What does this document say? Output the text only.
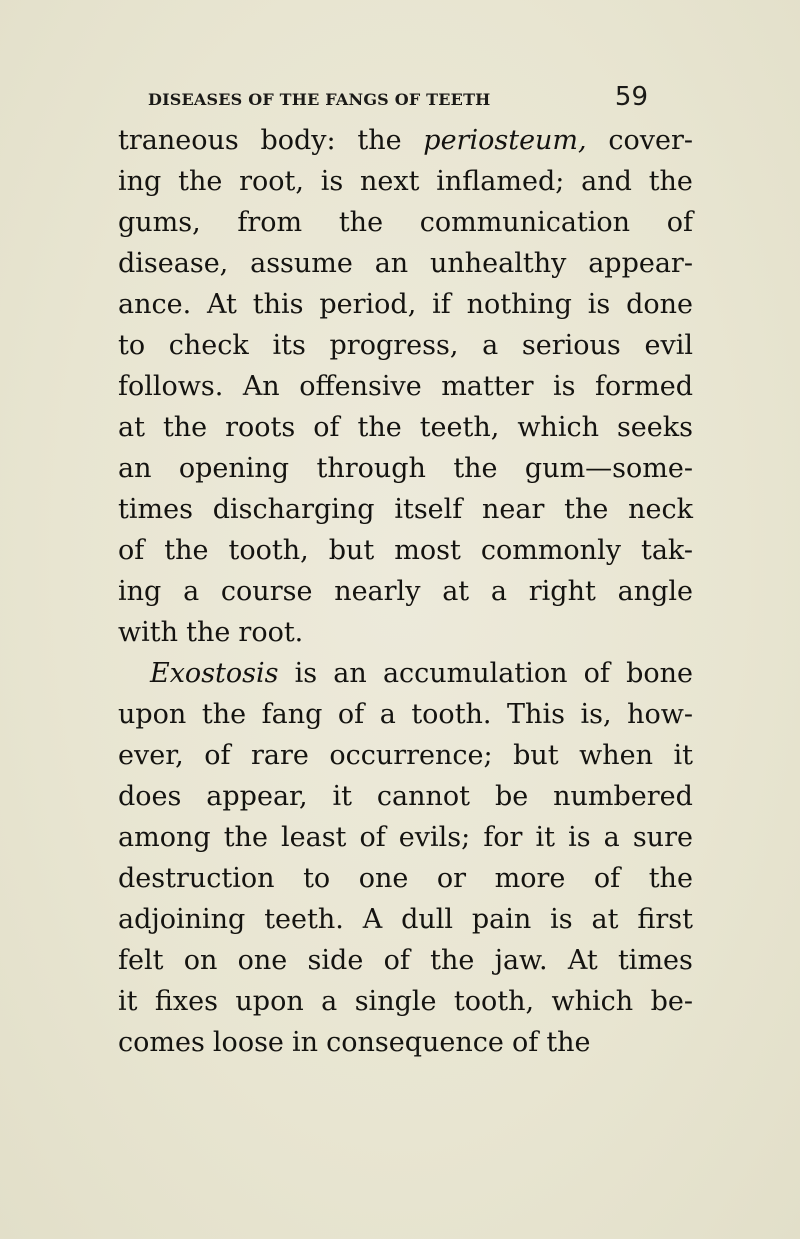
DISEASES OF THE FANGS OF TEETH	59
traneous body: the periosteum, cover-
ing the root, is next inflamed; and the
gums, from the communication of
disease, assume an unhealthy appear-
ance. At this period, if nothing is done
to check its progress, a serious evil
follows. An offensive matter is formed
at the roots of the teeth, which seeks
an opening through the gum—some-
times discharging itself near the neck
of the tooth, but most commonly tak-
ing a course nearly at a right angle
with the root.
Exostosis is an accumulation of bone
upon the fang of a tooth. This is, how-
ever, of rare occurrence; but when it
does appear, it cannot be numbered
among the least of evils; for it is a sure
destruction to one or more of the
adjoining teeth. A dull pain is at first
felt on one side of the jaw. At times
it fixes upon a single tooth, which be-
comes loose in consequence of the
